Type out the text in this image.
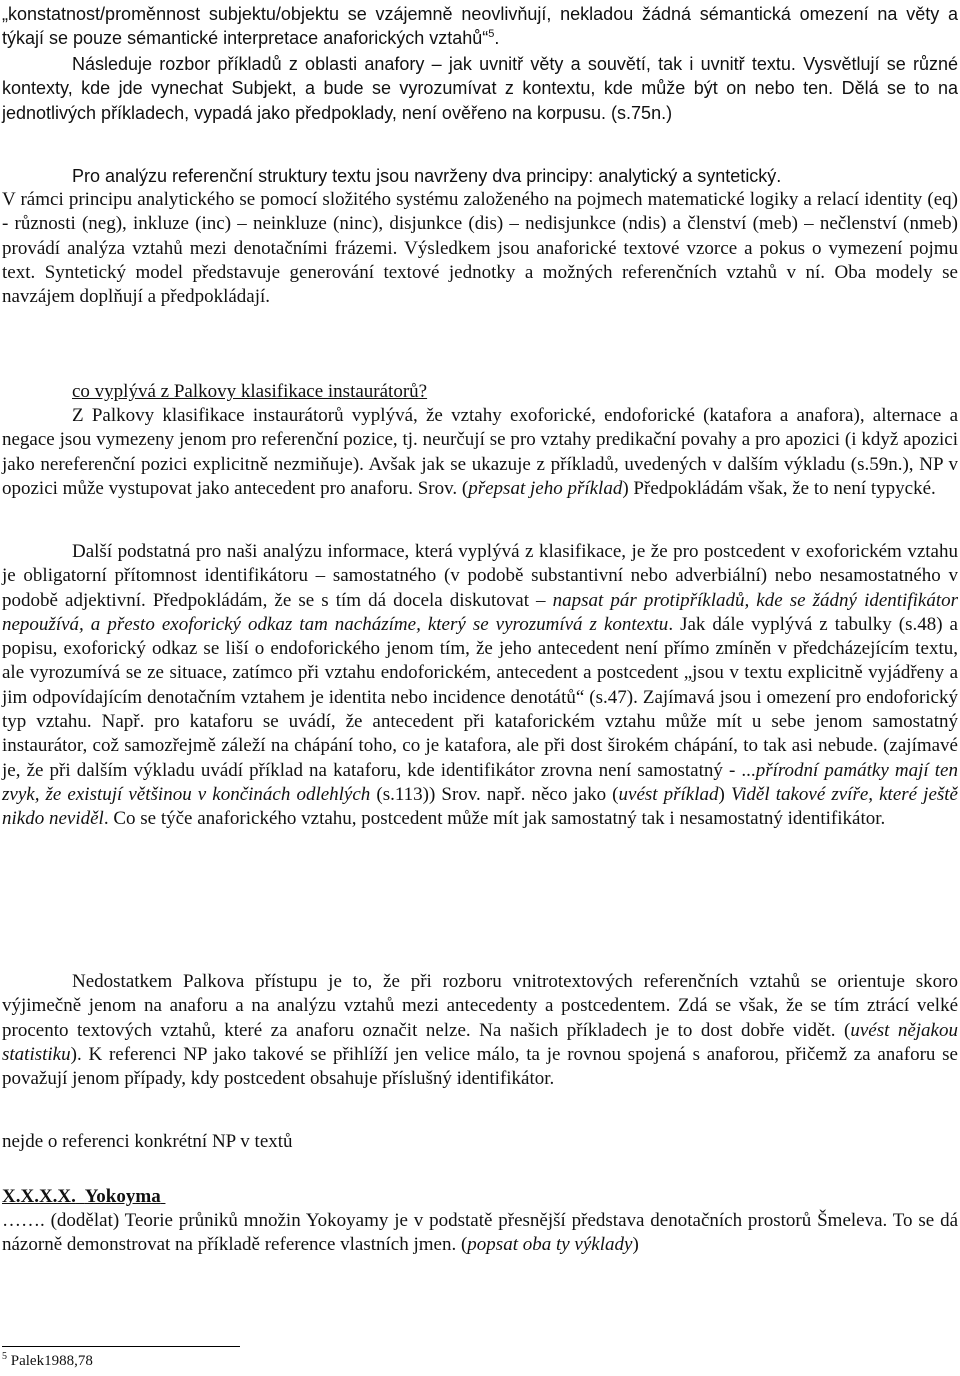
„konstatnost/proměnnost subjektu/objektu se vzájemně neovlivňují, nekladou žádná sémantická omezení na věty a týkají se pouze sémantické interpretace anaforických vztahů“$^5$.

Následuje rozbor příkladů z oblasti anafory – jak uvnitř věty a souvětí, tak i uvnitř textu. Vysvětlují se různé kontexty, kde jde vynechat Subjekt, a bude se vyrozumívat z kontextu, kde může být on nebo ten. Dělá se to na jednotlivých příkladech, vypadá jako předpoklady, není ověřeno na korpusu. (s.75n.)

Pro analýzu referenční struktury textu jsou navrženy dva principy: analytický a syntetický.

V rámci principu analytického se pomocí složitého systému založeného na pojmech matematické logiky a relací identity (eq) - různosti (neg), inkluze (inc) – neinkluze (ninc), disjunkce (dis) – nedisjunkce (ndis) a členství (meb) – nečlenství (nmeb) provádí analýza vztahů mezi denotačními frázemi. Výsledkem jsou anaforické textové vzorce a pokus o vymezení pojmu text. Syntetický model představuje generování textové jednotky a možných referenčních vztahů v ní. Oba modely se navzájem doplňují a předpokládají.

co vyplývá z Palkovy klasifikace instaurátorů?

Z Palkovy klasifikace instaurátorů vyplývá, že vztahy exoforické, endoforické (katafora a anafora), alternace a negace jsou vymezeny jenom pro referenční pozice, tj. neurčují se pro vztahy predikační povahy a pro apozici (i když apozici jako nereferenční pozici explicitně nezmiňuje). Avšak jak se ukazuje z příkladů, uvedených v dalším výkladu (s.59n.), NP v opozici může vystupovat jako antecedent pro anaforu. Srov. (přepsat jeho příklad) Předpokládám však, že to není typycké.

Další podstatná pro naši analýzu informace, která vyplývá z klasifikace, je že pro postcedent v exoforickém vztahu je obligatorní přítomnost identifikátoru – samostatného (v podobě substantivní nebo adverbiální) nebo nesamostatného v podobě adjektivní. Předpokládám, že se s tím dá docela diskutovat – napsat pár protipříkladů, kde se žádný identifikátor nepoužívá, a přesto exoforický odkaz tam nacházíme, který se vyrozumívá z kontextu. Jak dále vyplývá z tabulky (s.48) a popisu, exoforický odkaz se liší o endoforického jenom tím, že jeho antecedent není přímo zmíněn v předcházejícím textu, ale vyrozumívá se ze situace, zatímco při vztahu endoforickém, antecedent a postcedent „jsou v textu explicitně vyjádřeny a jim odpovídajícím denotačním vztahem je identita nebo incidence denotátů“ (s.47). Zajímavá jsou i omezení pro endoforický typ vztahu. Např. pro kataforu se uvádí, že antecedent při kataforickém vztahu může mít u sebe jenom samostatný instaurátor, což samozřejmě záleží na chápání toho, co je katafora, ale při dost širokém chápání, to tak asi nebude. (zajímavé je, že při dalším výkladu uvádí příklad na kataforu, kde identifikátor zrovna není samostatný - ...přírodní památky mají ten zvyk, že existují většinou v končinách odlehlých (s.113)) Srov. např. něco jako (uvést příklad) Viděl takové zvíře, které ještě nikdo neviděl. Co se týče anaforického vztahu, postcedent může mít jak samostatný tak i nesamostatný identifikátor.

Nedostatkem Palkova přístupu je to, že při rozboru vnitrotextových referenčních vztahů se orientuje skoro výjimečně jenom na anaforu a na analýzu vztahů mezi antecedenty a postcedentem. Zdá se však, že se tím ztrácí velké procento textových vztahů, které za anaforu označit nelze. Na našich příkladech je to dost dobře vidět. (uvést nějakou statistiku). K referenci NP jako takové se přihlíží jen velice málo, ta je rovnou spojená s anaforou, přičemž za anaforu se považují jenom případy, kdy postcedent obsahuje příslušný identifikátor.

nejde o referenci konkrétní NP v textů

X.X.X.X. Yokoyma

……. (dodělat) Teorie průniků množin Yokoyamy je v podstatě přesnější představa denotačních prostorů Šmeleva. To se dá názorně demonstrovat na příkladě reference vlastních jmen. (popsat oba ty výklady)

$^5$ Palek1988,78
